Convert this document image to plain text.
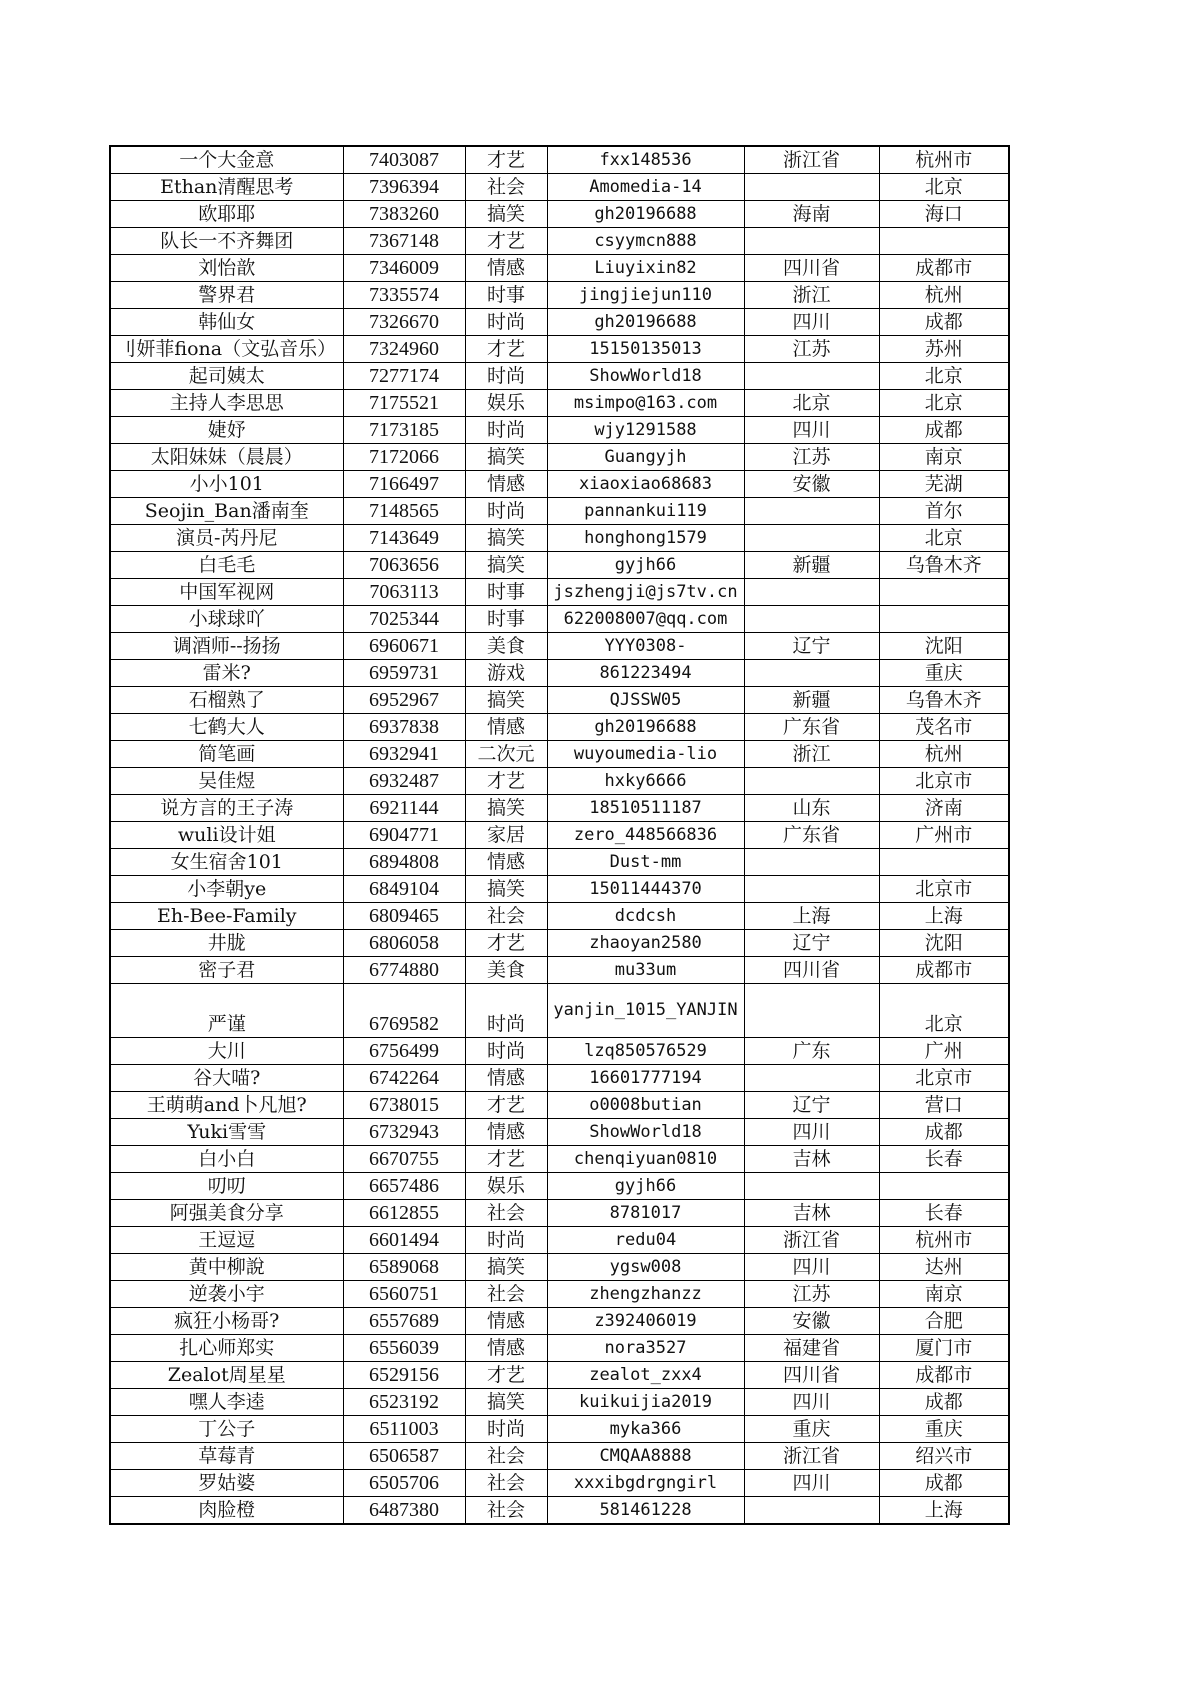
一个大金意	7403087	才艺	fxx148536	浙江省	杭州市
Ethan清醒思考	7396394	社会	Amomedia-14		北京
欧耶耶	7383260	搞笑	gh20196688	海南	海口
队长一不齐舞团	7367148	才艺	csyymcn888		
刘怡歆	7346009	情感	Liuyixin82	四川省	成都市
警界君	7335574	时事	jingjiejun110	浙江	杭州
韩仙女	7326670	时尚	gh20196688	四川	成都
刂妍菲fiona（文弘音乐）	7324960	才艺	15150135013	江苏	苏州
起司姨太	7277174	时尚	ShowWorld18		北京
主持人李思思	7175521	娱乐	msimpo@163.com	北京	北京
婕妤	7173185	时尚	wjy1291588	四川	成都
太阳妹妹（晨晨）	7172066	搞笑	Guangyjh	江苏	南京
小小101	7166497	情感	xiaoxiao68683	安徽	芜湖
Seojin_Ban潘南奎	7148565	时尚	pannankui119		首尔
演员-芮丹尼	7143649	搞笑	honghong1579		北京
白毛毛	7063656	搞笑	gyjh66	新疆	乌鲁木齐
中国军视网	7063113	时事	jszhengji@js7tv.cn		
小球球吖	7025344	时事	622008007@qq.com		
调酒师--扬扬	6960671	美食	YYY0308-	辽宁	沈阳
雷米?	6959731	游戏	861223494		重庆
石榴熟了	6952967	搞笑	QJSSW05	新疆	乌鲁木齐
七鹤大人	6937838	情感	gh20196688	广东省	茂名市
简笔画	6932941	二次元	wuyoumedia-lio	浙江	杭州
吴佳煜	6932487	才艺	hxky6666		北京市
说方言的王子涛	6921144	搞笑	18510511187	山东	济南
wuli设计姐	6904771	家居	zero_448566836	广东省	广州市
女生宿舍101	6894808	情感	Dust-mm		
小李朝ye	6849104	搞笑	15011444370		北京市
Eh-Bee-Family	6809465	社会	dcdcsh	上海	上海
井胧	6806058	才艺	zhaoyan2580	辽宁	沈阳
密子君	6774880	美食	mu33um	四川省	成都市
严谨	6769582	时尚	yanjin_1015_YANJIN		北京
大川	6756499	时尚	lzq850576529	广东	广州
谷大喵?	6742264	情感	16601777194		北京市
王萌萌and卜凡旭?	6738015	才艺	o0008butian	辽宁	营口
Yuki雪雪	6732943	情感	ShowWorld18	四川	成都
白小白	6670755	才艺	chenqiyuan0810	吉林	长春
叨叨	6657486	娱乐	gyjh66		
阿强美食分享	6612855	社会	8781017	吉林	长春
王逗逗	6601494	时尚	redu04	浙江省	杭州市
黄中柳說	6589068	搞笑	ygsw008	四川	达州
逆袭小宇	6560751	社会	zhengzhanzz	江苏	南京
疯狂小杨哥?	6557689	情感	z392406019	安徽	合肥
扎心师郑实	6556039	情感	nora3527	福建省	厦门市
Zealot周星星	6529156	才艺	zealot_zxx4	四川省	成都市
嘿人李逵	6523192	搞笑	kuikuijia2019	四川	成都
丁公子	6511003	时尚	myka366	重庆	重庆
草莓青	6506587	社会	CMQAA8888	浙江省	绍兴市
罗姑婆	6505706	社会	xxxibgdrgngirl	四川	成都
肉脸橙	6487380	社会	581461228		上海
